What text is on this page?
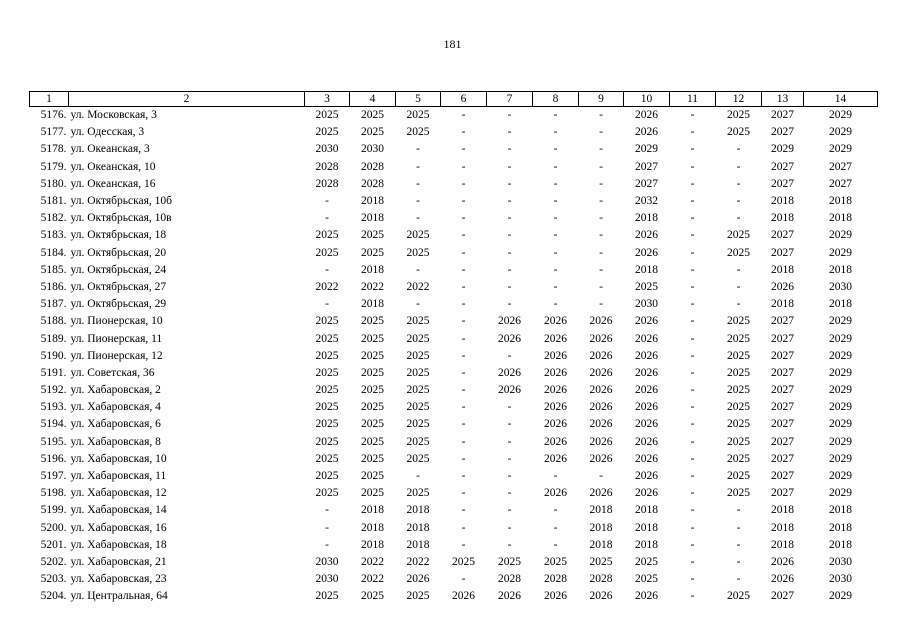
181
1	2	3	4	5	6	7	8	9	10	11	12	13	14
5176.	ул. Московская, 3	2025	2025	2025	-	-	-	-	2026	-	2025	2027	2029
5177.	ул. Одесская, 3	2025	2025	2025	-	-	-	-	2026	-	2025	2027	2029
5178.	ул. Океанская, 3	2030	2030	-	-	-	-	-	2029	-	-	2029	2029
5179.	ул. Океанская, 10	2028	2028	-	-	-	-	-	2027	-	-	2027	2027
5180.	ул. Океанская, 16	2028	2028	-	-	-	-	-	2027	-	-	2027	2027
5181.	ул. Октябрьская, 10б	-	2018	-	-	-	-	-	2032	-	-	2018	2018
5182.	ул. Октябрьская, 10в	-	2018	-	-	-	-	-	2018	-	-	2018	2018
5183.	ул. Октябрьская, 18	2025	2025	2025	-	-	-	-	2026	-	2025	2027	2029
5184.	ул. Октябрьская, 20	2025	2025	2025	-	-	-	-	2026	-	2025	2027	2029
5185.	ул. Октябрьская, 24	-	2018	-	-	-	-	-	2018	-	-	2018	2018
5186.	ул. Октябрьская, 27	2022	2022	2022	-	-	-	-	2025	-	-	2026	2030
5187.	ул. Октябрьская, 29	-	2018	-	-	-	-	-	2030	-	-	2018	2018
5188.	ул. Пионерская, 10	2025	2025	2025	-	2026	2026	2026	2026	-	2025	2027	2029
5189.	ул. Пионерская, 11	2025	2025	2025	-	2026	2026	2026	2026	-	2025	2027	2029
5190.	ул. Пионерская, 12	2025	2025	2025	-	-	2026	2026	2026	-	2025	2027	2029
5191.	ул. Советская, 36	2025	2025	2025	-	2026	2026	2026	2026	-	2025	2027	2029
5192.	ул. Хабаровская, 2	2025	2025	2025	-	2026	2026	2026	2026	-	2025	2027	2029
5193.	ул. Хабаровская, 4	2025	2025	2025	-	-	2026	2026	2026	-	2025	2027	2029
5194.	ул. Хабаровская, 6	2025	2025	2025	-	-	2026	2026	2026	-	2025	2027	2029
5195.	ул. Хабаровская, 8	2025	2025	2025	-	-	2026	2026	2026	-	2025	2027	2029
5196.	ул. Хабаровская, 10	2025	2025	2025	-	-	2026	2026	2026	-	2025	2027	2029
5197.	ул. Хабаровская, 11	2025	2025	-	-	-	-	-	2026	-	2025	2027	2029
5198.	ул. Хабаровская, 12	2025	2025	2025	-	-	2026	2026	2026	-	2025	2027	2029
5199.	ул. Хабаровская, 14	-	2018	2018	-	-	-	2018	2018	-	-	2018	2018
5200.	ул. Хабаровская, 16	-	2018	2018	-	-	-	2018	2018	-	-	2018	2018
5201.	ул. Хабаровская, 18	-	2018	2018	-	-	-	2018	2018	-	-	2018	2018
5202.	ул. Хабаровская, 21	2030	2022	2022	2025	2025	2025	2025	2025	-	-	2026	2030
5203.	ул. Хабаровская, 23	2030	2022	2026	-	2028	2028	2028	2025	-	-	2026	2030
5204.	ул. Центральная, 64	2025	2025	2025	2026	2026	2026	2026	2026	-	2025	2027	2029
